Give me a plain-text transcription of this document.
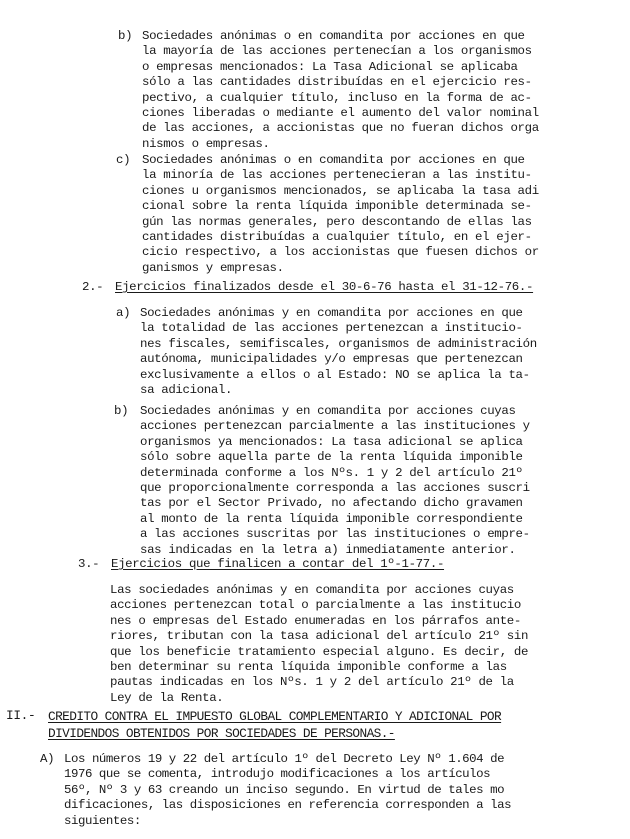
b) Sociedades anónimas o en comandita por acciones en que
la mayoría de las acciones pertenecían a los organismos
o empresas mencionados: La Tasa Adicional se aplicaba
sólo a las cantidades distribuídas en el ejercicio res-
pectivo, a cualquier título, incluso en la forma de ac-
ciones liberadas o mediante el aumento del valor nominal
de las acciones, a accionistas que no fueran dichos orga
nismos o empresas.
c) Sociedades anónimas o en comandita por acciones en que
la minoría de las acciones pertenecieran a las institu-
ciones u organismos mencionados, se aplicaba la tasa adi
cional sobre la renta líquida imponible determinada se-
gún las normas generales, pero descontando de ellas las
cantidades distribuídas a cualquier título, en el ejer-
cicio respectivo, a los accionistas que fuesen dichos or
ganismos y empresas.
2.- Ejercicios finalizados desde el 30-6-76 hasta el 31-12-76.-
a) Sociedades anónimas y en comandita por acciones en que
la totalidad de las acciones pertenezcan a institucio-
nes fiscales, semifiscales, organismos de administración
autónoma, municipalidades y/o empresas que pertenezcan
exclusivamente a ellos o al Estado: NO se aplica la ta-
sa adicional.
b) Sociedades anónimas y en comandita por acciones cuyas
acciones pertenezcan parcialmente a las instituciones y
organismos ya mencionados: La tasa adicional se aplica
sólo sobre aquella parte de la renta líquida imponible
determinada conforme a los Nºs. 1 y 2 del artículo 21º
que proporcionalmente corresponda a las acciones suscri
tas por el Sector Privado, no afectando dicho gravamen
al monto de la renta líquida imponible correspondiente
a las acciones suscritas por las instituciones o empre-
sas indicadas en la letra a) inmediatamente anterior.
3.- Ejercicios que finalicen a contar del 1º-1-77.-
Las sociedades anónimas y en comandita por acciones cuyas
acciones pertenezcan total o parcialmente a las institucio
nes o empresas del Estado enumeradas en los párrafos ante-
riores, tributan con la tasa adicional del artículo 21º sin
que los beneficie tratamiento especial alguno. Es decir, de
ben determinar su renta líquida imponible conforme a las
pautas indicadas en los Nºs. 1 y 2 del artículo 21º de la
Ley de la Renta.
II.- CREDITO CONTRA EL IMPUESTO GLOBAL COMPLEMENTARIO Y ADICIONAL POR
DIVIDENDOS OBTENIDOS POR SOCIEDADES DE PERSONAS.-
A) Los números 19 y 22 del artículo 1º del Decreto Ley Nº 1.604 de
1976 que se comenta, introdujo modificaciones a los artículos
56º, Nº 3 y 63 creando un inciso segundo. En virtud de tales mo
dificaciones, las disposiciones en referencia corresponden a las
siguientes:
